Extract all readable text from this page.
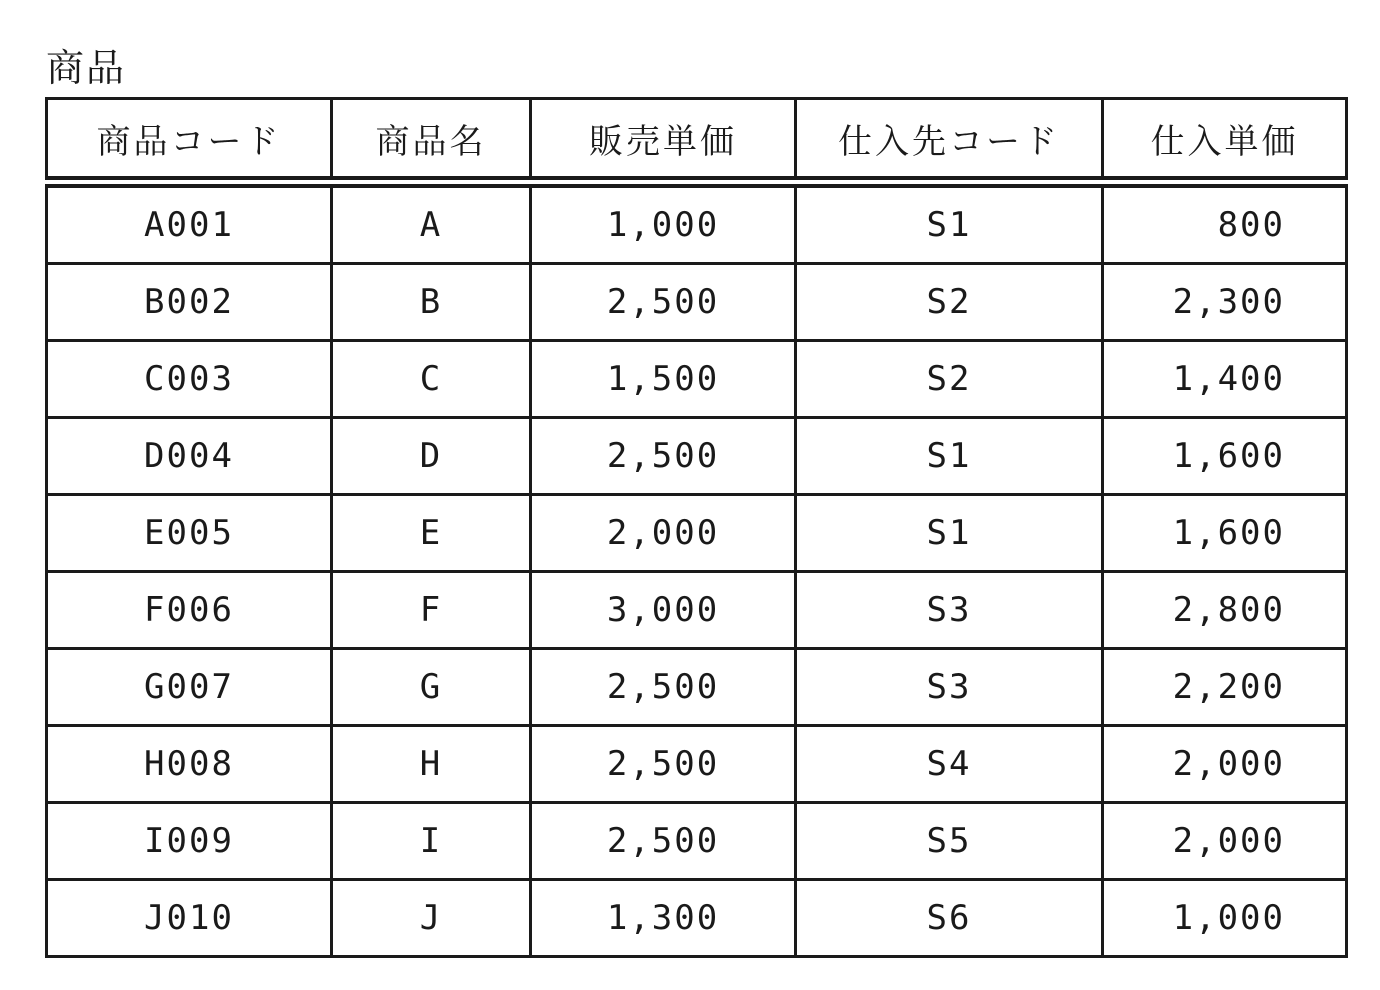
商品
商品コード	商品名	販売単価	仕入先コード	仕入単価
A001	A	1,000	S1	800
B002	B	2,500	S2	2,300
C003	C	1,500	S2	1,400
D004	D	2,500	S1	1,600
E005	E	2,000	S1	1,600
F006	F	3,000	S3	2,800
G007	G	2,500	S3	2,200
H008	H	2,500	S4	2,000
I009	I	2,500	S5	2,000
J010	J	1,300	S6	1,000
